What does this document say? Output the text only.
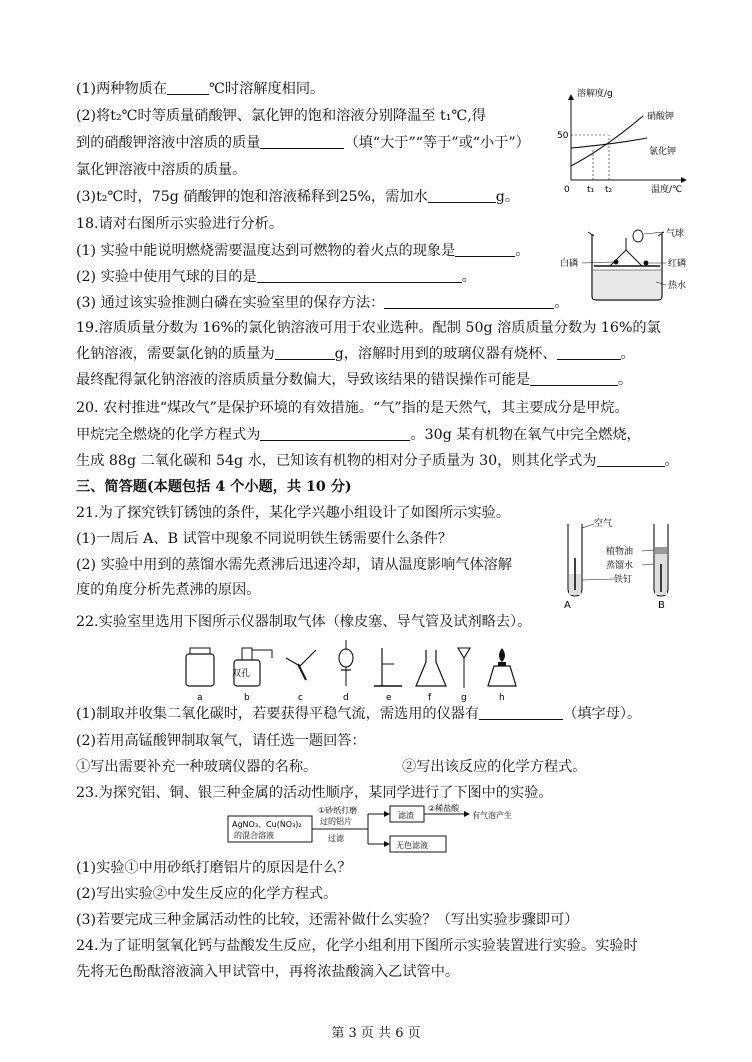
(1)两种物质在	℃时溶解度相同。
(2)将t₂℃时等质量硝酸钾、氯化钾的饱和溶液分别降温至 t₁℃,得
到的硝酸钾溶液中溶质的质量	（填“大于”“等于”或“小于”）
氯化钾溶液中溶质的质量。
(3)t₂℃时，75g 硝酸钾的饱和溶液稀释到25%，需加水	g。
18.请对右图所示实验进行分析。
(1) 实验中能说明燃烧需要温度达到可燃物的着火点的现象是	。
(2) 实验中使用气球的目的是	。
(3) 通过该实验推测白磷在实验室里的保存方法：	。
19.溶质质量分数为 16%的氯化钠溶液可用于农业选种。配制 50g 溶质质量分数为 16%的氯
化钠溶液，需要氯化钠的质量为	g，溶解时用到的玻璃仪器有烧杯、	。
最终配得氯化钠溶液的溶质质量分数偏大，导致该结果的错误操作可能是	。
20. 农村推进“煤改气”是保护环境的有效措施。“气”指的是天然气，其主要成分是甲烷。
甲烷完全燃烧的化学方程式为	。30g 某有机物在氧气中完全燃烧，
生成 88g 二氧化碳和 54g 水，已知该有机物的相对分子质量为 30，则其化学式为	。
三、简答题(本题包括 4 个小题，共 10 分)
21.为了探究铁钉锈蚀的条件，某化学兴趣小组设计了如图所示实验。
(1)一周后 A、B 试管中现象不同说明铁生锈需要什么条件？
(2) 实验中用到的蒸馏水需先煮沸后迅速冷却，请从温度影响气体溶解
度的角度分析先煮沸的原因。
22.实验室里选用下图所示仪器制取气体（橡皮塞、导气管及试剂略去）。
(1)制取并收集二氧化碳时，若要获得平稳气流，需选用的仪器有	（填字母）。
(2)若用高锰酸钾制取氧气，请任选一题回答：
①写出需要补充一种玻璃仪器的名称。	②写出该反应的化学方程式。
23.为探究铝、铜、银三种金属的活动性顺序，某同学进行了下图中的实验。
(1)实验①中用砂纸打磨铝片的原因是什么？
(2)写出实验②中发生反应的化学方程式。
(3)若要完成三种金属活动性的比较，还需补做什么实验？（写出实验步骤即可）
24.为了证明氢氧化钙与盐酸发生反应，化学小组利用下图所示实验装置进行实验。实验时
先将无色酚酞溶液滴入甲试管中，再将浓盐酸滴入乙试管中。
溶解度/g
温度/℃
50
0 t₁ t₂
硝酸钾
氯化钾
气球
白磷	红磷
热水
空气
植物油
蒸馏水
铁钉
A	B
双孔
a	b	c	d	e	f	g	h
AgNO₃、Cu(NO₃)₂
的混合溶液
①砂纸打磨
过的铝片
过滤
滤渣
②稀盐酸
有气泡产生
无色滤液
第 3 页 共 6 页
